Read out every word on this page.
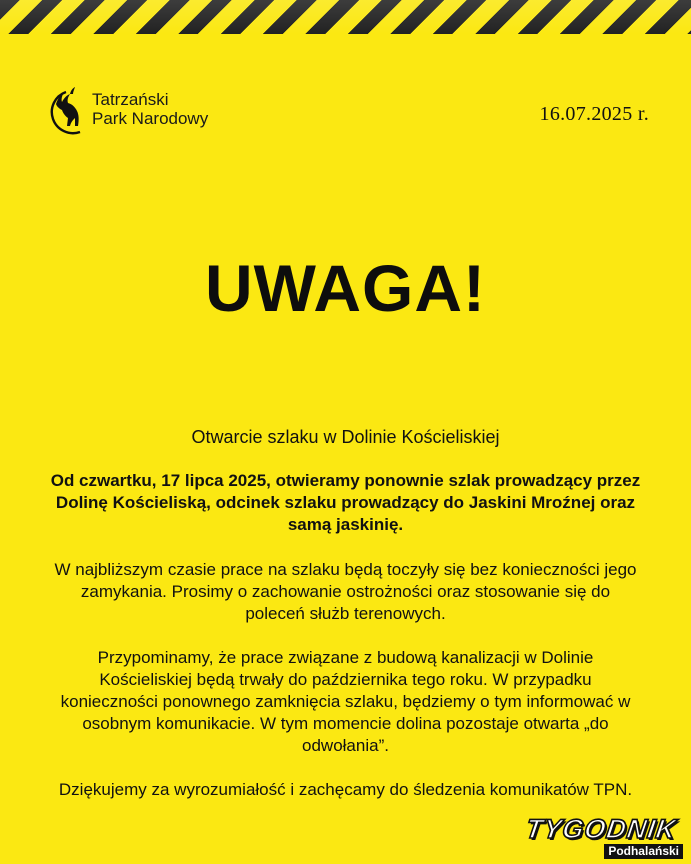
Tatrzański
Park Narodowy	16.07.2025 r.
UWAGA!

Otwarcie szlaku w Dolinie Kościeliskiej

Od czwartku, 17 lipca 2025, otwieramy ponownie szlak prowadzący przez Dolinę Kościeliską, odcinek szlaku prowadzący do Jaskini Mroźnej oraz samą jaskinię.

W najbliższym czasie prace na szlaku będą toczyły się bez konieczności jego zamykania. Prosimy o zachowanie ostrożności oraz stosowanie się do poleceń służb terenowych.

Przypominamy, że prace związane z budową kanalizacji w Dolinie Kościeliskiej będą trwały do października tego roku. W przypadku konieczności ponownego zamknięcia szlaku, będziemy o tym informować w osobnym komunikacie. W tym momencie dolina pozostaje otwarta „do odwołania”.

Dziękujemy za wyrozumiałość i zachęcamy do śledzenia komunikatów TPN.

TYGODNIK
Podhalański
